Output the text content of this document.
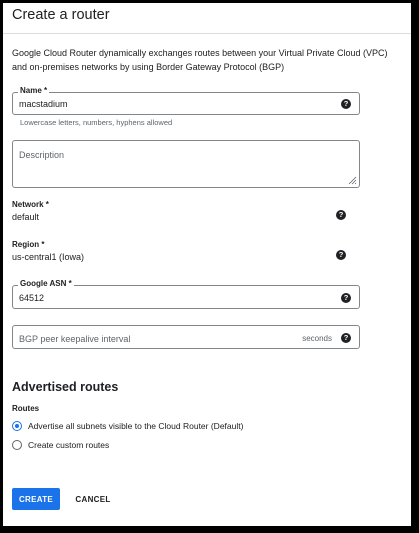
Create a router
Google Cloud Router dynamically exchanges routes between your Virtual Private Cloud (VPC) and on-premises networks by using Border Gateway Protocol (BGP)
Name *
macstadium	?
Lowercase letters, numbers, hyphens allowed
Description
Network *
default	?
Region *
us-central1 (Iowa)	?
Google ASN *
64512	?
BGP peer keepalive interval	seconds	?
Advertised routes
Routes
Advertise all subnets visible to the Cloud Router (Default)
Create custom routes
CREATE	CANCEL
